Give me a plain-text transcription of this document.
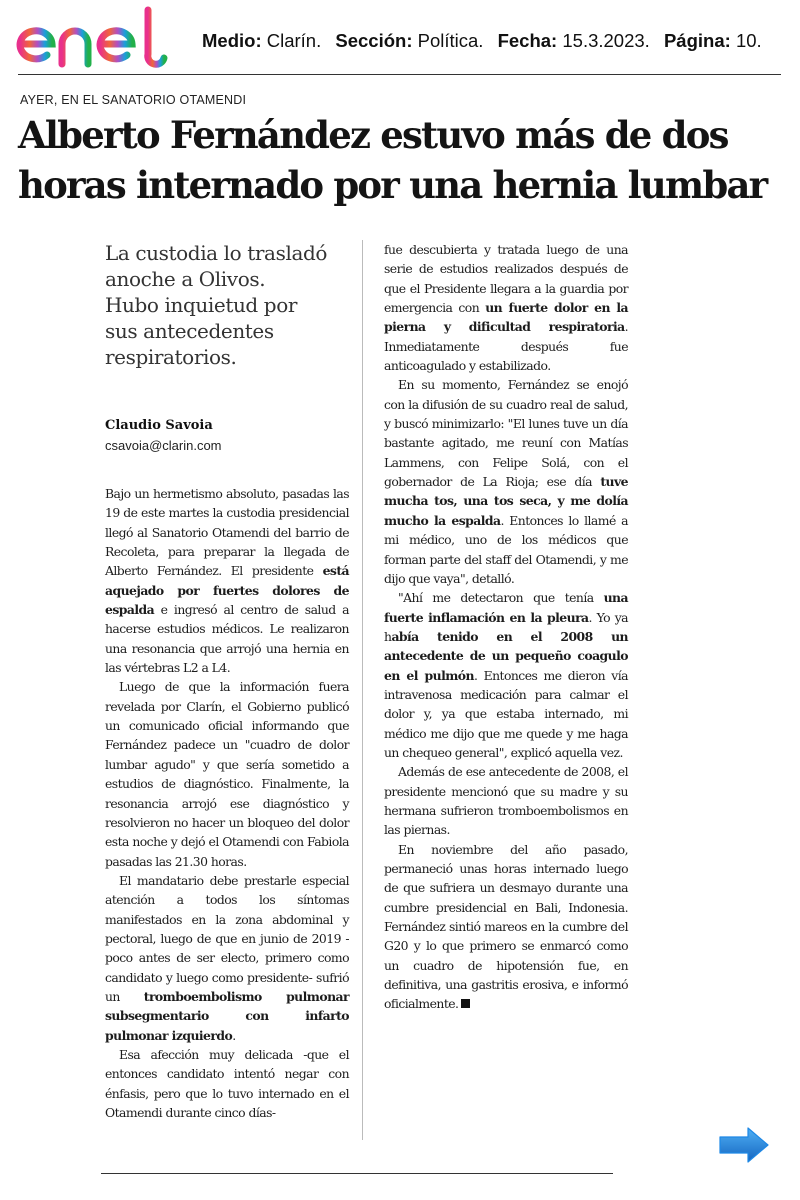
Medio: Clarín. Sección: Política. Fecha: 15.3.2023. Página: 10.
AYER, EN EL SANATORIO OTAMENDI
Alberto Fernández estuvo más de dos
horas internado por una hernia lumbar
La custodia lo trasladó
anoche a Olivos.
Hubo inquietud por
sus antecedentes
respiratorios.
Claudio Savoia
csavoia@clarin.com

Bajo un hermetismo absoluto, pasadas las 19 de este martes la custodia presidencial llegó al Sanatorio Otamendi del barrio de Recoleta, para preparar la llegada de Alberto Fernández. El presidente está aquejado por fuertes dolores de espalda e ingresó al centro de salud a hacerse estudios médicos. Le realizaron una resonancia que arrojó una hernia en las vértebras L2 a L4.

Luego de que la información fuera revelada por Clarín, el Gobierno publicó un comunicado oficial informando que Fernández padece un "cuadro de dolor lumbar agudo" y que sería sometido a estudios de diagnóstico. Finalmente, la resonancia arrojó ese diagnóstico y resolvieron no hacer un bloqueo del dolor esta noche y dejó el Otamendi con Fabiola pasadas las 21.30 horas.

El mandatario debe prestarle especial atención a todos los síntomas manifestados en la zona abdominal y pectoral, luego de que en junio de 2019 -poco antes de ser electo, primero como candidato y luego como presidente- sufrió un tromboembolismo pulmonar subsegmentario con infarto pulmonar izquierdo.

Esa afección muy delicada -que el entonces candidato intentó negar con énfasis, pero que lo tuvo internado en el Otamendi durante cinco días-

fue descubierta y tratada luego de una serie de estudios realizados después de que el Presidente llegara a la guardia por emergencia con un fuerte dolor en la pierna y dificultad respiratoria. Inmediatamente después fue anticoagulado y estabilizado.

En su momento, Fernández se enojó con la difusión de su cuadro real de salud, y buscó minimizarlo: "El lunes tuve un día bastante agitado, me reuní con Matías Lammens, con Felipe Solá, con el gobernador de La Rioja; ese día tuve mucha tos, una tos seca, y me dolía mucho la espalda. Entonces lo llamé a mi médico, uno de los médicos que forman parte del staff del Otamendi, y me dijo que vaya", detalló.

"Ahí me detectaron que tenía una fuerte inflamación en la pleura. Yo ya había tenido en el 2008 un antecedente de un pequeño coagulo en el pulmón. Entonces me dieron vía intravenosa medicación para calmar el dolor y, ya que estaba internado, mi médico me dijo que me quede y me haga un chequeo general", explicó aquella vez.

Además de ese antecedente de 2008, el presidente mencionó que su madre y su hermana sufrieron tromboembolismos en las piernas.

En noviembre del año pasado, permaneció unas horas internado luego de que sufriera un desmayo durante una cumbre presidencial en Bali, Indonesia. Fernández sintió mareos en la cumbre del G20 y lo que primero se enmarcó como un cuadro de hipotensión fue, en definitiva, una gastritis erosiva, e informó oficialmente.
